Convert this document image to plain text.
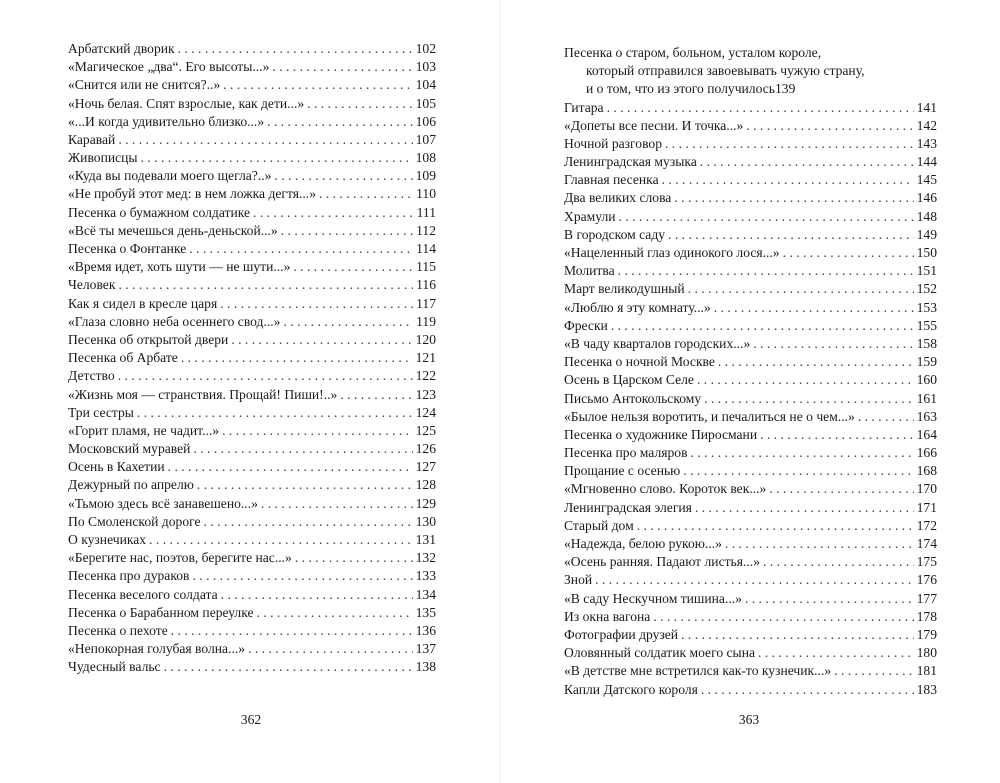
Арбатский дворик . . .	102
«Магическое „два“. Его высоты...» . . .	103
«Снится или не снится?..» . . .	104
«Ночь белая. Спят взрослые, как дети...» . . .	105
«...И когда удивительно близко...» . . .	106
Каравай . . .	107
Живописцы . . .	108
«Куда вы подевали моего щегла?..» . . .	109
«Не пробуй этот мед: в нем ложка дегтя...» . . .	110
Песенка о бумажном солдатике . . .	111
«Всё ты мечешься день-деньской...» . . .	112
Песенка о Фонтанке . . .	114
«Время идет, хоть шути — не шути...» . . .	115
Человек . . .	116
Как я сидел в кресле царя . . .	117
«Глаза словно неба осеннего свод...» . . .	119
Песенка об открытой двери . . .	120
Песенка об Арбате . . .	121
Детство . . .	122
«Жизнь моя — странствия. Прощай! Пиши!..» . . .	123
Три сестры . . .	124
«Горит пламя, не чадит...» . . .	125
Московский муравей . . .	126
Осень в Кахетии . . .	127
Дежурный по апрелю . . .	128
«Тьмою здесь всё занавешено...» . . .	129
По Смоленской дороге . . .	130
О кузнечиках . . .	131
«Берегите нас, поэтов, берегите нас...» . . .	132
Песенка про дураков . . .	133
Песенка веселого солдата . . .	134
Песенка о Барабанном переулке . . .	135
Песенка о пехоте . . .	136
«Непокорная голубая волна...» . . .	137
Чудесный вальс . . .	138
362
Песенка о старом, больном, усталом короле,
который отправился завоевывать чужую страну,
и о том, что из этого получилось 139
Гитара . . .	141
«Допеты все песни. И точка...» . . .	142
Ночной разговор . . .	143
Ленинградская музыка . . .	144
Главная песенка . . .	145
Два великих слова . . .	146
Храмули . . .	148
В городском саду . . .	149
«Нацеленный глаз одинокого лося...» . . .	150
Молитва . . .	151
Март великодушный . . .	152
«Люблю я эту комнату...» . . .	153
Фрески . . .	155
«В чаду кварталов городских...» . . .	158
Песенка о ночной Москве . . .	159
Осень в Царском Селе . . .	160
Письмо Антокольскому . . .	161
«Былое нельзя воротить, и печалиться не о чем...» . . .	163
Песенка о художнике Пиросмани . . .	164
Песенка про маляров . . .	166
Прощание с осенью . . .	168
«Мгновенно слово. Короток век...» . . .	170
Ленинградская элегия . . .	171
Старый дом . . .	172
«Надежда, белою рукою...» . . .	174
«Осень ранняя. Падают листья...» . . .	175
Зной . . .	176
«В саду Нескучном тишина...» . . .	177
Из окна вагона . . .	178
Фотографии друзей . . .	179
Оловянный солдатик моего сына . . .	180
«В детстве мне встретился как-то кузнечик...» . . .	181
Капли Датского короля . . .	183
363
